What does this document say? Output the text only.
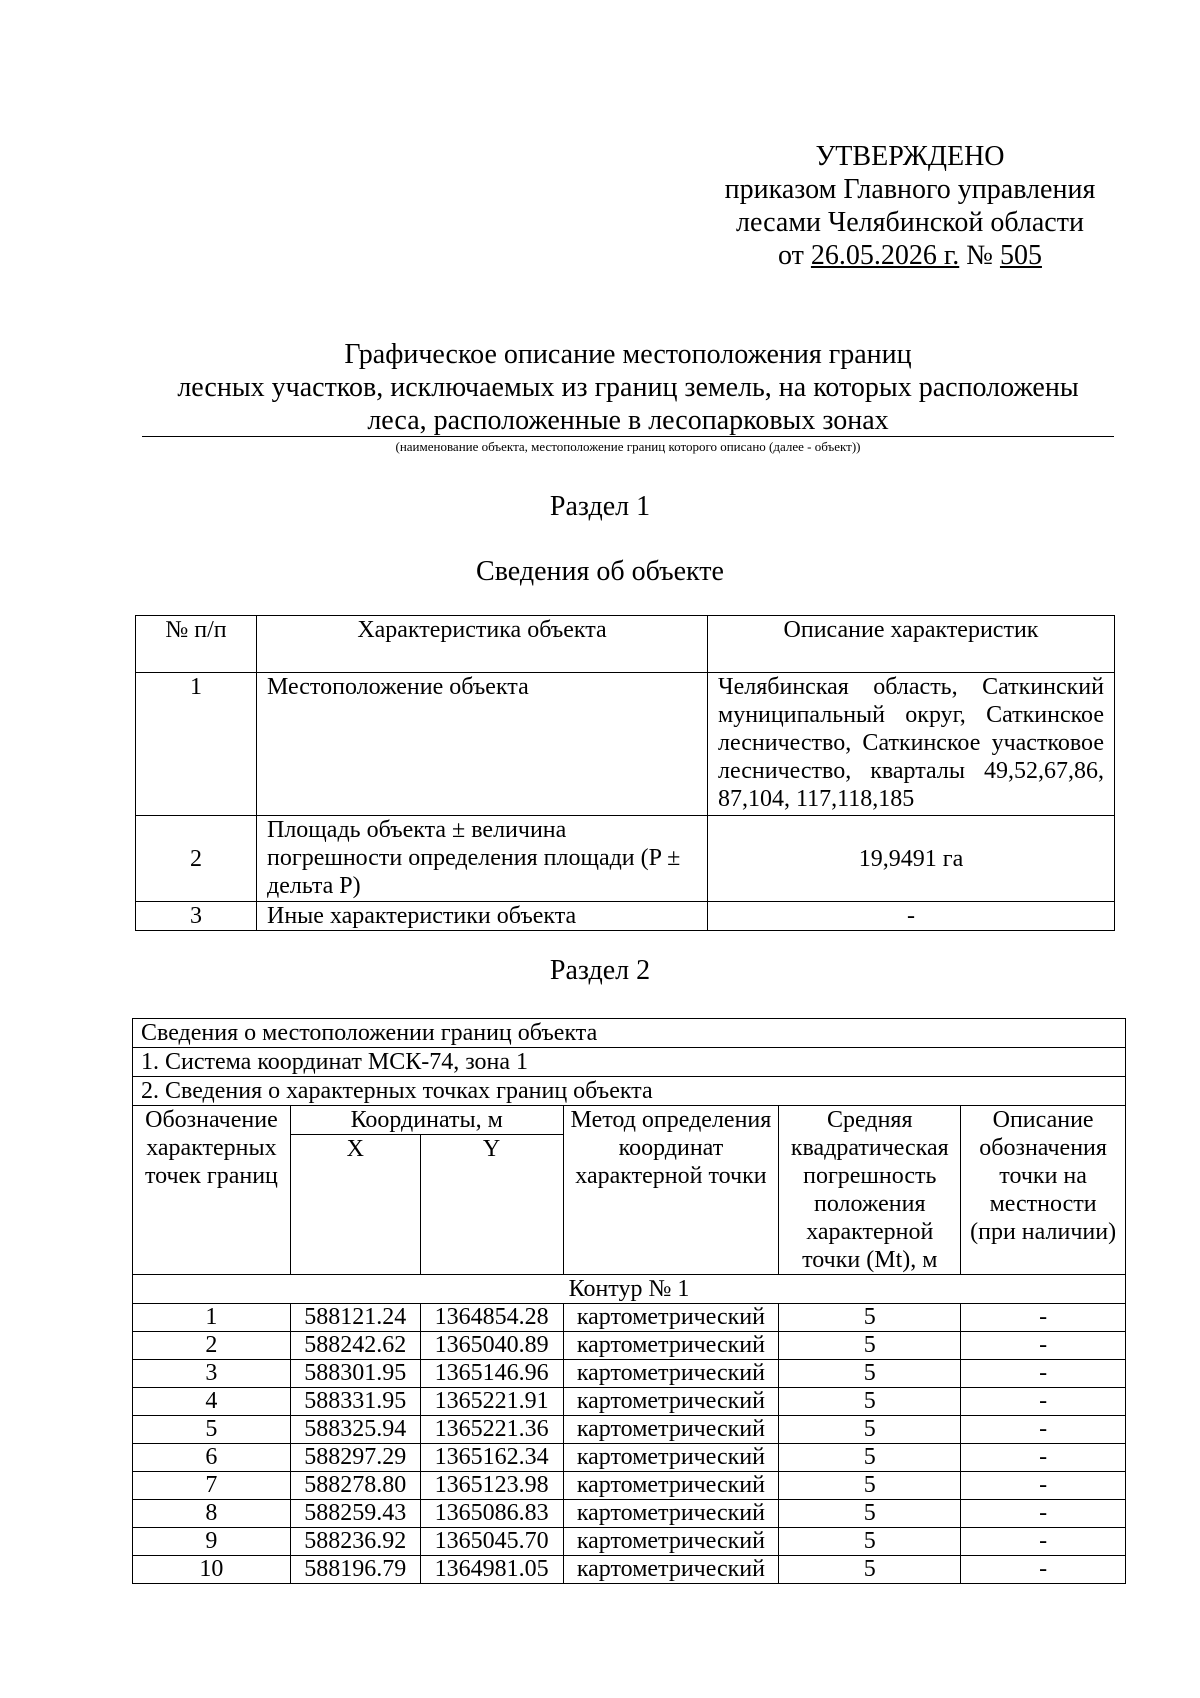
УТВЕРЖДЕНО
приказом Главного управления
лесами Челябинской области
от 26.05.2026 г. № 505
Графическое описание местоположения границ
лесных участков, исключаемых из границ земель, на которых расположены
леса, расположенные в лесопарковых зонах
(наименование объекта, местоположение границ которого описано (далее - объект))
Раздел 1
Сведения об объекте
№ п/п	Характеристика объекта	Описание характеристик
1	Местоположение объекта	Челябинская область, Саткинский муниципальный округ, Саткинское лесничество, Саткинское участковое лесничество, кварталы 49,52,67,86, 87,104, 117,118,185
2	Площадь объекта ± величина погрешности определения площади (P ± дельта P)	19,9491 га
3	Иные характеристики объекта	-
Раздел 2
Сведения о местоположении границ объекта					
1. Система координат МСК-74, зона 1					
2. Сведения о характерных точках границ объекта					
Обозначение характерных точек границ	Координаты, м		Метод определения координат характерной точки	Средняя квадратическая погрешность положения характерной точки (Mt), м	Описание обозначения точки на местности (при наличии)
	X	Y			
Контур № 1					
1	588121.24	1364854.28	картометрический	5	-
2	588242.62	1365040.89	картометрический	5	-
3	588301.95	1365146.96	картометрический	5	-
4	588331.95	1365221.91	картометрический	5	-
5	588325.94	1365221.36	картометрический	5	-
6	588297.29	1365162.34	картометрический	5	-
7	588278.80	1365123.98	картометрический	5	-
8	588259.43	1365086.83	картометрический	5	-
9	588236.92	1365045.70	картометрический	5	-
10	588196.79	1364981.05	картометрический	5	-
